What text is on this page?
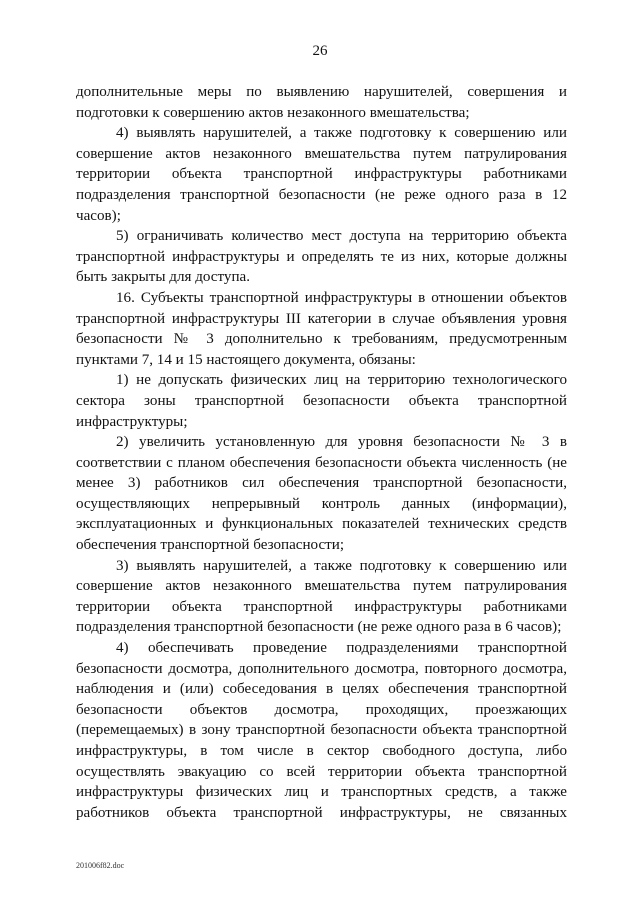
26

дополнительные меры по выявлению нарушителей, совершения и подготовки к совершению актов незаконного вмешательства;

4) выявлять нарушителей, а также подготовку к совершению или совершение актов незаконного вмешательства путем патрулирования территории объекта транспортной инфраструктуры работниками подразделения транспортной безопасности (не реже одного раза в 12 часов);

5) ограничивать количество мест доступа на территорию объекта транспортной инфраструктуры и определять те из них, которые должны быть закрыты для доступа.

16. Субъекты транспортной инфраструктуры в отношении объектов транспортной инфраструктуры III категории в случае объявления уровня безопасности № 3 дополнительно к требованиям, предусмотренным пунктами 7, 14 и 15 настоящего документа, обязаны:

1) не допускать физических лиц на территорию технологического сектора зоны транспортной безопасности объекта транспортной инфраструктуры;

2) увеличить установленную для уровня безопасности № 3 в соответствии с планом обеспечения безопасности объекта численность (не менее 3) работников сил обеспечения транспортной безопасности, осуществляющих непрерывный контроль данных (информации), эксплуатационных и функциональных показателей технических средств обеспечения транспортной безопасности;

3) выявлять нарушителей, а также подготовку к совершению или совершение актов незаконного вмешательства путем патрулирования территории объекта транспортной инфраструктуры работниками подразделения транспортной безопасности (не реже одного раза в 6 часов);

4) обеспечивать проведение подразделениями транспортной безопасности досмотра, дополнительного досмотра, повторного досмотра, наблюдения и (или) собеседования в целях обеспечения транспортной безопасности объектов досмотра, проходящих, проезжающих (перемещаемых) в зону транспортной безопасности объекта транспортной инфраструктуры, в том числе в сектор свободного доступа, либо осуществлять эвакуацию со всей территории объекта транспортной инфраструктуры физических лиц и транспортных средств, а также работников объекта транспортной инфраструктуры, не связанных

201006f82.doc
